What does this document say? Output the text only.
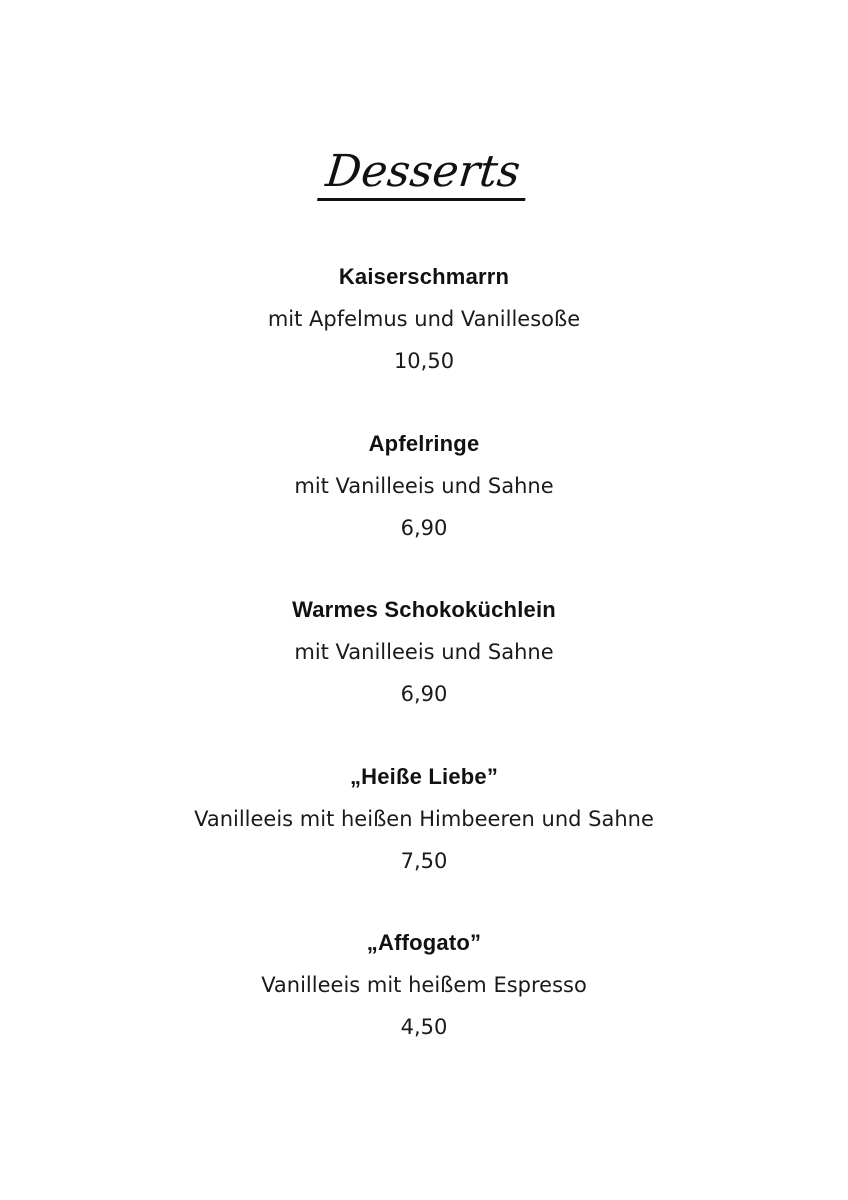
Desserts
Kaiserschmarrn
mit Apfelmus und Vanillesoße
10,50
Apfelringe
mit Vanilleeis und Sahne
6,90
Warmes Schokoküchlein
mit Vanilleeis und Sahne
6,90
„Heiße Liebe”
Vanilleeis mit heißen Himbeeren und Sahne
7,50
„Affogato”
Vanilleeis mit heißem Espresso
4,50
